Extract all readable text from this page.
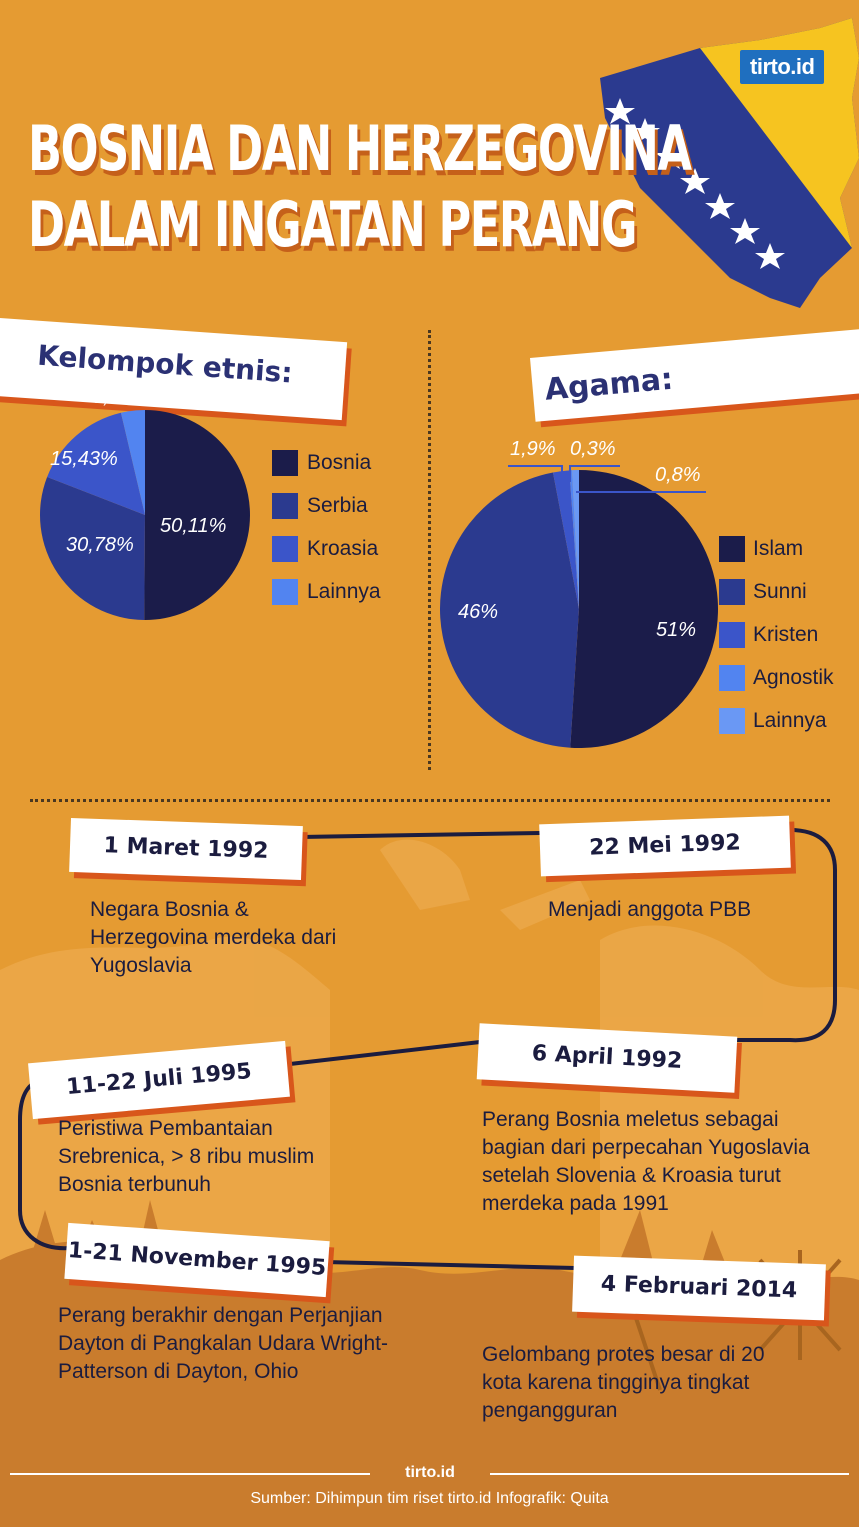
tirto.id
BOSNIA DAN HERZEGOVINA
DALAM INGATAN PERANG
Kelompok etnis:	Agama:
3,68%
15,43%
30,78%
50,11%
Bosnia
Serbia
Kroasia
Lainnya
1,9% 0,3%
0,8%
46%
51%
Islam
Sunni
Kristen
Agnostik
Lainnya
1 Maret 1992
Negara Bosnia & Herzegovina merdeka dari Yugoslavia
22 Mei 1992
Menjadi anggota PBB
6 April 1992
Perang Bosnia meletus sebagai bagian dari perpecahan Yugoslavia setelah Slovenia & Kroasia turut merdeka pada 1991
11-22 Juli 1995
Peristiwa Pembantaian Srebrenica, > 8 ribu muslim Bosnia terbunuh
1-21 November 1995
Perang berakhir dengan Perjanjian Dayton di Pangkalan Udara Wright-Patterson di Dayton, Ohio
4 Februari 2014
Gelombang protes besar di 20 kota karena tingginya tingkat pengangguran
tirto.id
Sumber: Dihimpun tim riset tirto.id Infografik: Quita
